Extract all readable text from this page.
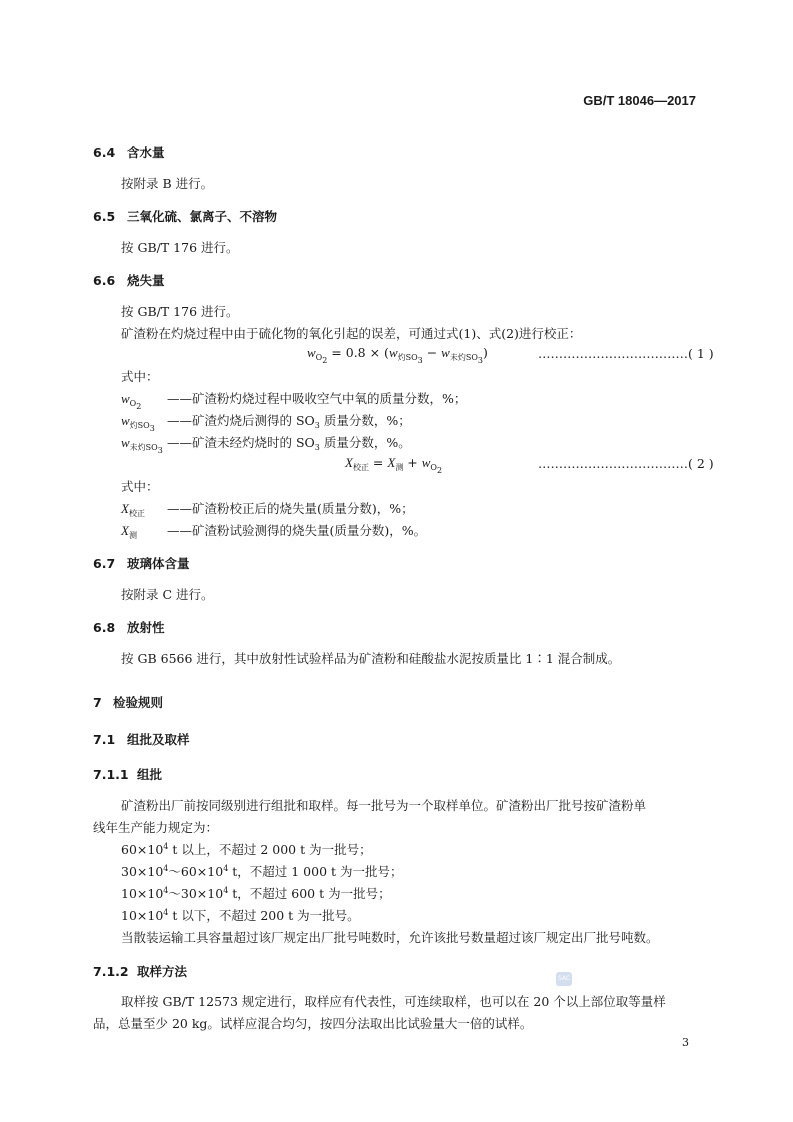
GB/T 18046—2017
6.4 含水量
按附录 B 进行。
6.5 三氧化硫、氯离子、不溶物
按 GB/T 176 进行。
6.6 烧失量
按 GB/T 176 进行。
矿渣粉在灼烧过程中由于硫化物的氧化引起的误差，可通过式(1)、式(2)进行校正：
$w_{O_2} = 0.8 \times (w_{灼SO_3} - w_{未灼SO_3})$	………………………………( 1 )
式中：
$w_{O_2}——$矿渣粉灼烧过程中吸收空气中氧的质量分数，%；
$w_{灼SO_3}——$矿渣灼烧后测得的 $SO_3$ 质量分数，%；
$w_{未灼SO_3}——$矿渣未经灼烧时的 $SO_3$ 质量分数，%。
$X_{校正} = X_测 + w_{O_2}$	………………………………( 2 )
式中：
$X_{校正}$ ——矿渣粉校正后的烧失量(质量分数)，%；
$X_测$ ——矿渣粉试验测得的烧失量(质量分数)，%。
6.7 玻璃体含量
按附录 C 进行。
6.8 放射性
按 GB 6566 进行，其中放射性试验样品为矿渣粉和硅酸盐水泥按质量比 1∶1 混合制成。
7 检验规则
7.1 组批及取样
7.1.1 组批
矿渣粉出厂前按同级别进行组批和取样。每一批号为一个取样单位。矿渣粉出厂批号按矿渣粉单
线年生产能力规定为：
$60\times 10^4$ t 以上，不超过 2 000 t 为一批号；
$30\times 10^4\sim 60\times 10^4$ t，不超过 1 000 t 为一批号；
$10\times 10^4\sim 30\times 10^4$ t，不超过 600 t 为一批号；
$10\times 10^4$ t 以下，不超过 200 t 为一批号。
当散装运输工具容量超过该厂规定出厂批号吨数时，允许该批号数量超过该厂规定出厂批号吨数。
7.1.2 取样方法	SAC
取样按 GB/T 12573 规定进行，取样应有代表性，可连续取样，也可以在 20 个以上部位取等量样
品，总量至少 20 kg。试样应混合均匀，按四分法取出比试验量大一倍的试样。
3
